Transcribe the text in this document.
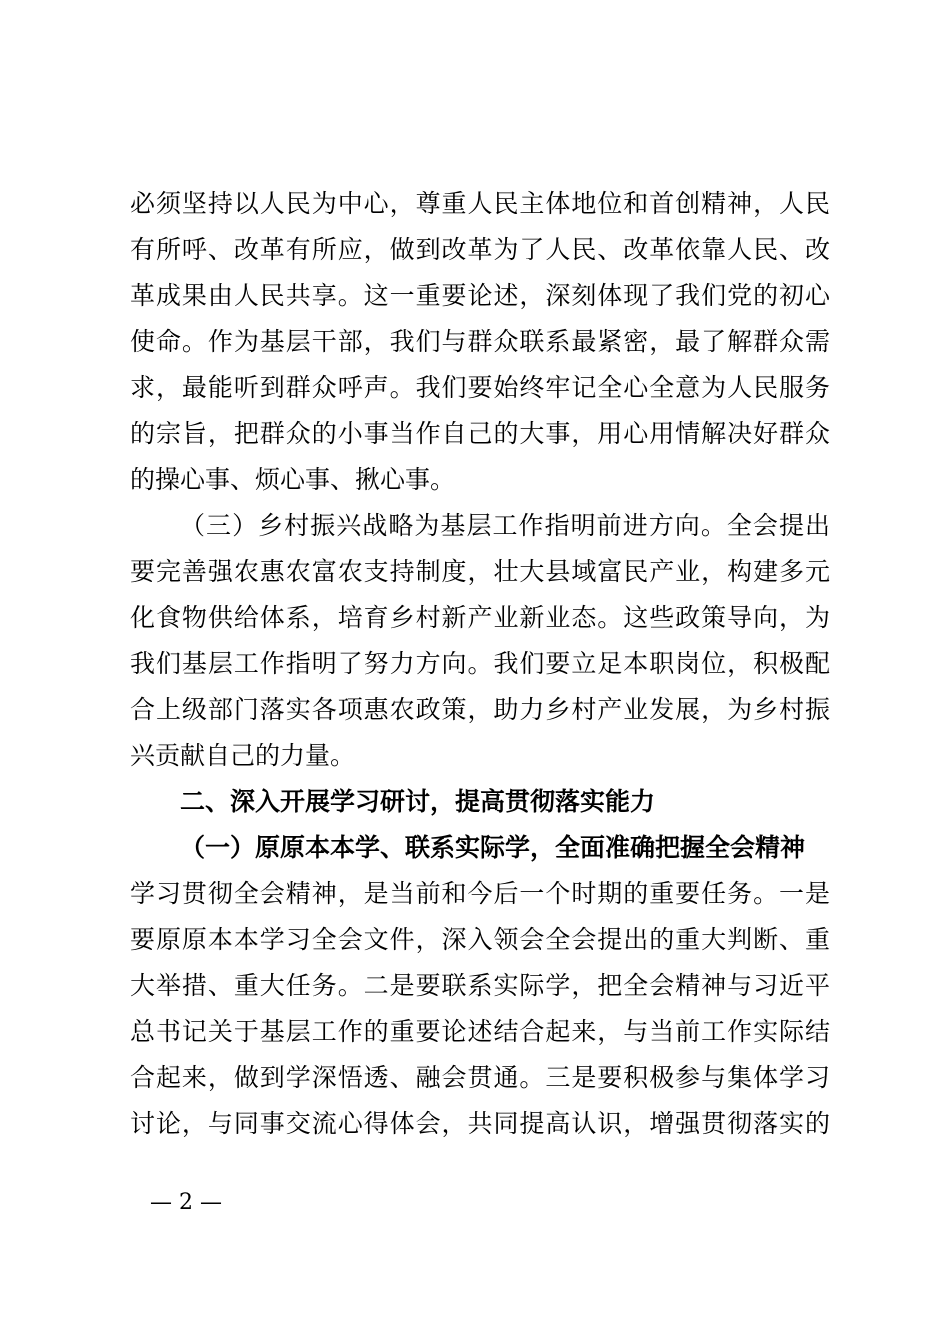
必须坚持以人民为中心，尊重人民主体地位和首创精神，人民
有所呼、改革有所应，做到改革为了人民、改革依靠人民、改
革成果由人民共享。这一重要论述，深刻体现了我们党的初心
使命。作为基层干部，我们与群众联系最紧密，最了解群众需
求，最能听到群众呼声。我们要始终牢记全心全意为人民服务
的宗旨，把群众的小事当作自己的大事，用心用情解决好群众
的操心事、烦心事、揪心事。
（三）乡村振兴战略为基层工作指明前进方向。全会提出
要完善强农惠农富农支持制度，壮大县域富民产业，构建多元
化食物供给体系，培育乡村新产业新业态。这些政策导向，为
我们基层工作指明了努力方向。我们要立足本职岗位，积极配
合上级部门落实各项惠农政策，助力乡村产业发展，为乡村振
兴贡献自己的力量。
二、深入开展学习研讨，提高贯彻落实能力
（一）原原本本学、联系实际学，全面准确把握全会精神
学习贯彻全会精神，是当前和今后一个时期的重要任务。一是
要原原本本学习全会文件，深入领会全会提出的重大判断、重
大举措、重大任务。二是要联系实际学，把全会精神与习近平
总书记关于基层工作的重要论述结合起来，与当前工作实际结
合起来，做到学深悟透、融会贯通。三是要积极参与集体学习
讨论，与同事交流心得体会，共同提高认识，增强贯彻落实的
— 2 —
